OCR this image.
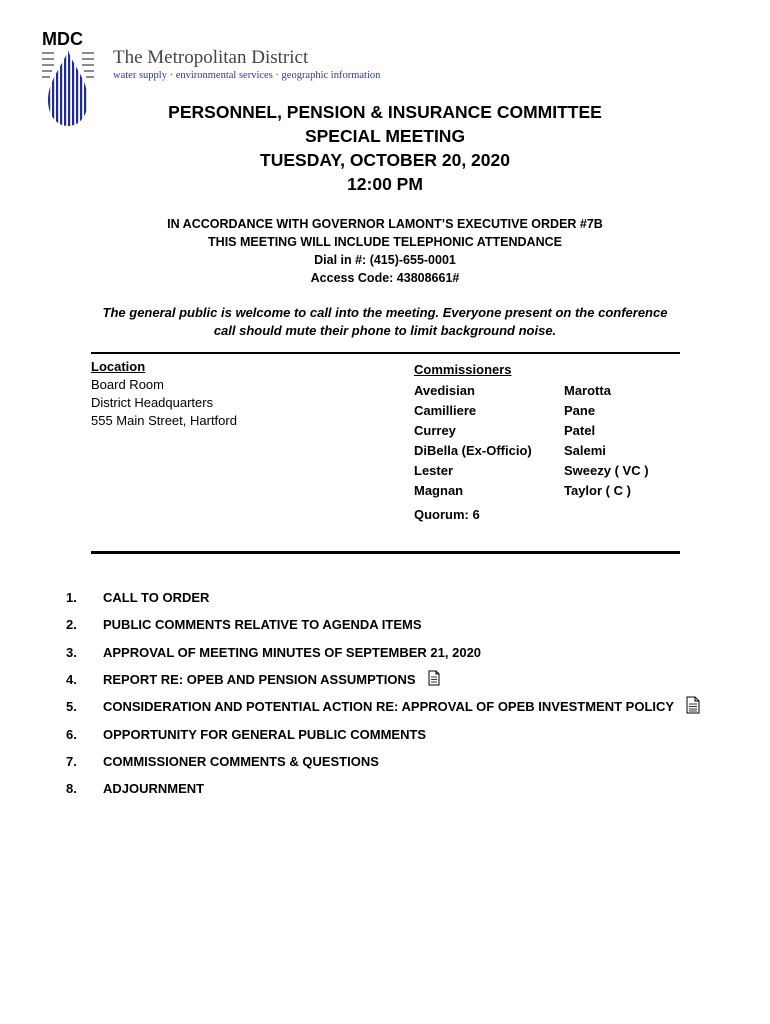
MDC
The Metropolitan District
water supply · environmental services · geographic information
PERSONNEL, PENSION & INSURANCE COMMITTEE
SPECIAL MEETING
TUESDAY, OCTOBER 20, 2020
12:00 PM
IN ACCORDANCE WITH GOVERNOR LAMONT’S EXECUTIVE ORDER #7B
THIS MEETING WILL INCLUDE TELEPHONIC ATTENDANCE
Dial in #: (415)-655-0001
Access Code: 43808661#
The general public is welcome to call into the meeting. Everyone present on the conference
call should mute their phone to limit background noise.
Location
Board Room
District Headquarters
555 Main Street, Hartford
Commissioners
Avedisian	Marotta
Camilliere	Pane
Currey	Patel
DiBella (Ex-Officio)	Salemi
Lester	Sweezy ( VC )
Magnan	Taylor ( C )
Quorum: 6
1.	CALL TO ORDER
2.	PUBLIC COMMENTS RELATIVE TO AGENDA ITEMS
3.	APPROVAL OF MEETING MINUTES OF SEPTEMBER 21, 2020
4.	REPORT RE: OPEB AND PENSION ASSUMPTIONS
5.	CONSIDERATION AND POTENTIAL ACTION RE: APPROVAL OF OPEB INVESTMENT POLICY
6.	OPPORTUNITY FOR GENERAL PUBLIC COMMENTS
7.	COMMISSIONER COMMENTS & QUESTIONS
8.	ADJOURNMENT
